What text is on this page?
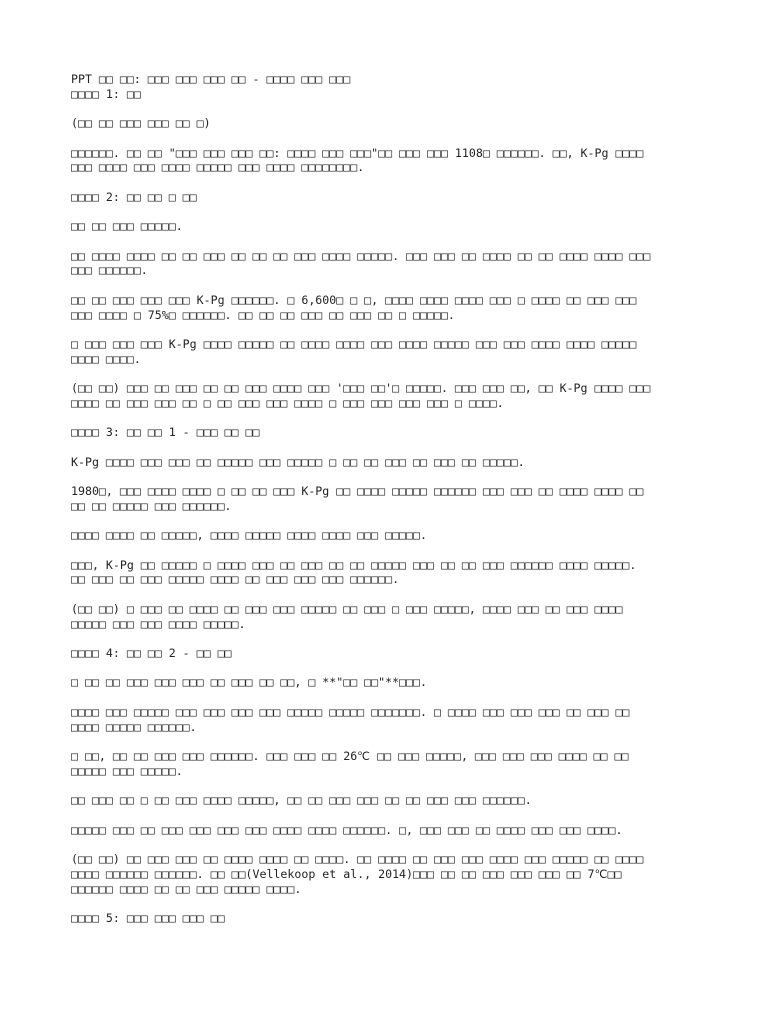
PPT □□ □□: □□□ □□□ □□□ □□ - □□□□ □□□ □□□
□□□□ 1: □□
(□□ □□ □□□ □□□ □□ □)
□□□□□□. □□ □□ "□□□ □□□ □□□ □□: □□□□ □□□ □□□"□□ □□□ □□□ 1108□ □□□□□□. □□, K-Pg □□□□
□□□ □□□□ □□□ □□□□ □□□□□ □□□ □□□□ □□□□□□□□.
□□□□ 2: □□ □□ □ □□
□□ □□ □□□ □□□□□.
□□ □□□□ □□□□ □□ □□ □□□ □□ □□ □□ □□□ □□□□ □□□□□. □□□ □□□ □□ □□□□ □□ □□ □□□□ □□□□ □□□
□□□ □□□□□□.
□□ □□ □□□ □□□ □□□ K-Pg □□□□□□. □ 6,600□ □ □, □□□□ □□□□ □□□□ □□□ □ □□□□ □□ □□□ □□□
□□□ □□□□ □ 75%□ □□□□□□. □□ □□ □□ □□□ □□ □□□ □□ □ □□□□□.
□ □□□ □□□ □□□ K-Pg □□□□ □□□□□ □□ □□□□ □□□□ □□□ □□□□ □□□□□ □□□ □□□ □□□□ □□□□ □□□□□
□□□□ □□□□.
(□□ □□) □□□ □□ □□□ □□ □□ □□□ □□□□ □□□ '□□□ □□'□ □□□□□. □□□ □□□ □□, □□ K-Pg □□□□ □□□
□□□□ □□ □□□ □□□ □□ □ □□ □□□ □□□ □□□□ □ □□□ □□□ □□□ □□□ □ □□□□.
□□□□ 3: □□ □□ 1 - □□□ □□ □□
K-Pg □□□□ □□□ □□□ □□ □□□□□ □□□ □□□□□ □ □□ □□ □□□ □□ □□□ □□ □□□□□.
1980□, □□□ □□□□ □□□□ □ □□ □□ □□□ K-Pg □□ □□□□ □□□□□ □□□□□□ □□□ □□□ □□ □□□□ □□□□ □□
□□ □□ □□□□□ □□□ □□□□□□.
□□□□ □□□□ □□ □□□□□, □□□□ □□□□□ □□□□ □□□□ □□□ □□□□□.
□□□, K-Pg □□ □□□□□ □ □□□□ □□□ □□ □□□ □□ □□ □□□□□ □□□ □□ □□ □□□ □□□□□□ □□□□ □□□□□.
□□ □□□ □□ □□□ □□□□□ □□□□ □□ □□□ □□□ □□□ □□□□□□.
(□□ □□) □ □□□ □□ □□□□ □□ □□□ □□□ □□□□□ □□ □□□ □ □□□ □□□□□, □□□□ □□□ □□ □□□ □□□□
□□□□□ □□□ □□□ □□□□ □□□□□.
□□□□ 4: □□ □□ 2 - □□ □□
□ □□ □□ □□□ □□□ □□□ □□ □□□ □□ □□, □ **"□□ □□"**□□□.
□□□□ □□□ □□□□□ □□□ □□□ □□□ □□□ □□□□□ □□□□□ □□□□□□□. □ □□□□ □□□ □□□ □□□ □□ □□□ □□
□□□□ □□□□□ □□□□□□.
□ □□, □□ □□ □□□ □□□ □□□□□□. □□□ □□□ □□ 26℃ □□ □□□ □□□□□, □□□ □□□ □□□ □□□□ □□ □□
□□□□□ □□□ □□□□□.
□□ □□□ □□ □ □□ □□□ □□□□ □□□□□, □□ □□ □□□ □□□ □□ □□ □□□ □□□ □□□□□□.
□□□□□ □□□ □□ □□□ □□□ □□□ □□□ □□□□ □□□□ □□□□□□. □, □□□ □□□ □□ □□□□ □□□ □□□ □□□□.
(□□ □□) □□ □□□ □□□ □□ □□□□ □□□□ □□ □□□□. □□ □□□□ □□ □□□ □□□ □□□□ □□□ □□□□□ □□ □□□□
□□□□ □□□□□□ □□□□□□. □□ □□(Vellekoop et al., 2014)□□□ □□ □□ □□□ □□□ □□□ □□ 7℃□□
□□□□□□ □□□□ □□ □□ □□□ □□□□□ □□□□.
□□□□ 5: □□□ □□□ □□□ □□
